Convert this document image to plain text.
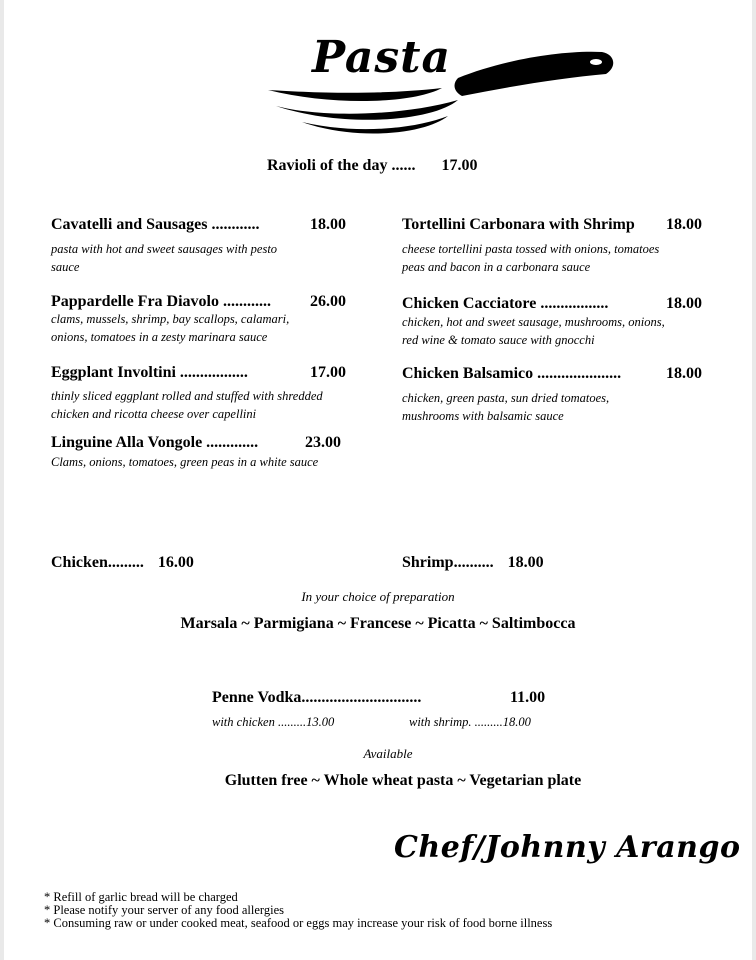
Pasta
Ravioli of the day ...... 17.00
Cavatelli and Sausages ............	18.00
pasta with hot and sweet sausages with pesto sauce
Pappardelle Fra Diavolo ............ 26.00
clams, mussels, shrimp, bay scallops, calamari, onions, tomatoes in a zesty marinara sauce
Eggplant Involtini .................	17.00
thinly sliced eggplant rolled and stuffed with shredded chicken and ricotta cheese over capellini
Linguine Alla Vongole .............	23.00
Clams, onions, tomatoes, green peas in a white sauce
Tortellini Carbonara with Shrimp 18.00
cheese tortellini pasta tossed with onions, tomatoes peas and bacon in a carbonara sauce
Chicken Cacciatore .................	18.00
chicken, hot and sweet sausage, mushrooms, onions, red wine & tomato sauce with gnocchi
Chicken Balsamico .....................	18.00
chicken, green pasta, sun dried tomatoes, mushrooms with balsamic sauce
Chicken......... 16.00	Shrimp.......... 18.00
In your choice of preparation
Marsala ~ Parmigiana ~ Francese ~ Picatta ~ Saltimbocca
Penne Vodka..............................	11.00
with chicken .........13.00	with shrimp. .........18.00
Available
Glutten free ~ Whole wheat pasta ~ Vegetarian plate
Chef/Johnny Arango
* Refill of garlic bread will be charged
* Please notify your server of any food allergies
* Consuming raw or under cooked meat, seafood or eggs may increase your risk of food borne illness
